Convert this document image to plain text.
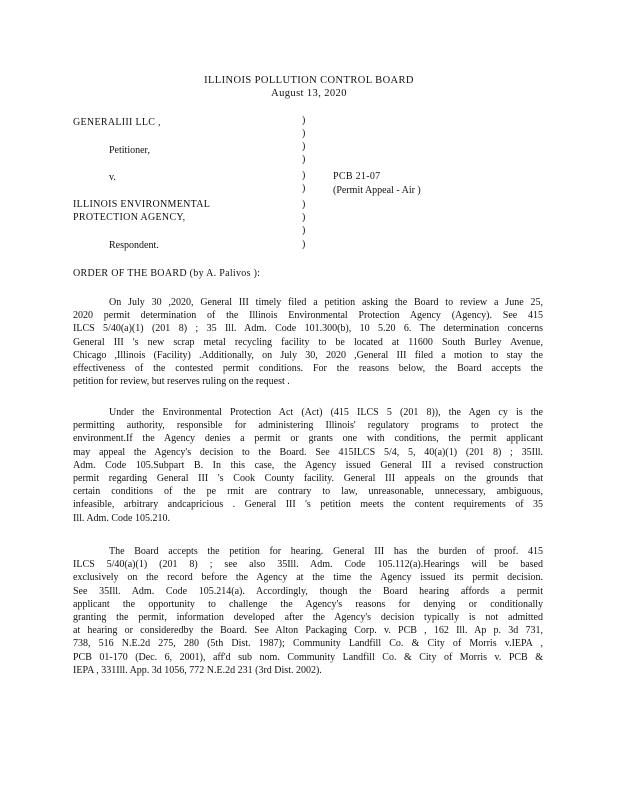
ILLINOIS POLLUTION CONTROL BOARD
August 13, 2020
GENERALIII LLC ,
Petitioner,
v.
ILLINOIS ENVIRONMENTAL
PROTECTION AGENCY,
Respondent.
)
)
)
)
)
)
)
)
)
)
PCB 21-07
(Permit Appeal - Air )
ORDER OF THE BOARD (by A. Palivos ):
On July 30 ,2020, General III timely filed a petition asking the Board to review a June 25,
2020 permit determination of the Illinois Environmental Protection Agency (Agency). See 415
ILCS 5/40(a)(1) (201 8) ; 35 Ill. Adm. Code 101.300(b), 10 5.20 6. The determination concerns
General III 's new scrap metal recycling facility to be located at 11600 South Burley Avenue,
Chicago ,Illinois (Facility) .Additionally, on July 30, 2020 ,General III filed a motion to stay the
effectiveness of the contested permit conditions. For the reasons below, the Board accepts the
petition for review, but reserves ruling on the request .
Under the Environmental Protection Act (Act) (415 ILCS 5 (201 8)), the Agen cy is the
permitting authority, responsible for administering Illinois' regulatory programs to protect the
environment.If the Agency denies a permit or grants one with conditions, the permit applicant
may appeal the Agency's decision to the Board. See 415ILCS 5/4, 5, 40(a)(1) (201 8) ; 35Ill.
Adm. Code 105.Subpart B. In this case, the Agency issued General III a revised construction
permit regarding General III 's Cook County facility. General III appeals on the grounds that
certain conditions of the pe rmit are contrary to law, unreasonable, unnecessary, ambiguous,
infeasible, arbitrary andcapricious . General III 's petition meets the content requirements of 35
Ill. Adm. Code 105.210.
The Board accepts the petition for hearing. General III has the burden of proof. 415
ILCS 5/40(a)(1) (201 8) ; see also 35Ill. Adm. Code 105.112(a).Hearings will be based
exclusively on the record before the Agency at the time the Agency issued its permit decision.
See 35Ill. Adm. Code 105.214(a). Accordingly, though the Board hearing affords a permit
applicant the opportunity to challenge the Agency's reasons for denying or conditionally
granting the permit, information developed after the Agency's decision typically is not admitted
at hearing or consideredby the Board. See Alton Packaging Corp. v. PCB , 162 Ill. Ap p. 3d 731,
738, 516 N.E.2d 275, 280 (5th Dist. 1987); Community Landfill Co. & City of Morris v.IEPA ,
PCB 01-170 (Dec. 6, 2001), aff'd sub nom. Community Landfill Co. & City of Morris v. PCB &
IEPA , 331Ill. App. 3d 1056, 772 N.E.2d 231 (3rd Dist. 2002).
